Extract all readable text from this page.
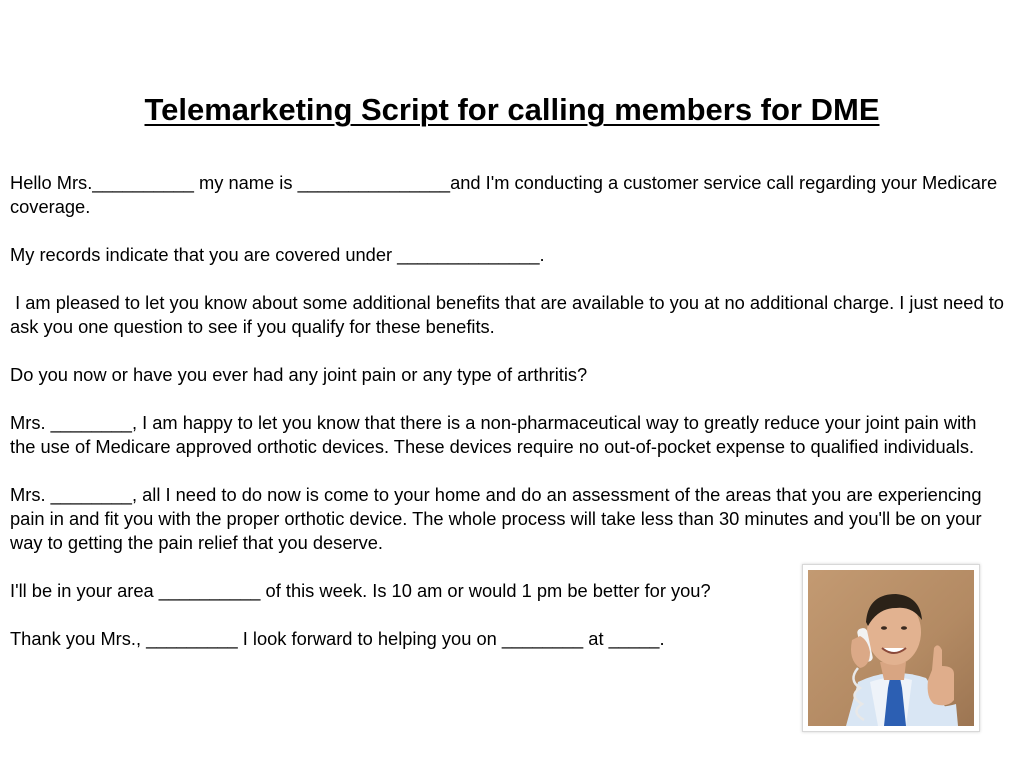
Telemarketing Script for calling members for DME

Hello Mrs.__________ my name is _______________and I'm conducting a customer service call regarding your Medicare coverage.

My records indicate that you are covered under ______________.

I am pleased to let you know about some additional benefits that are available to you at no additional charge. I just need to ask you one question to see if you qualify for these benefits.

Do you now or have you ever had any joint pain or any type of arthritis?

Mrs. ________, I am happy to let you know that there is a non-pharmaceutical way to greatly reduce your joint pain with the use of Medicare approved orthotic devices. These devices require no out-of-pocket expense to qualified individuals.

Mrs. ________, all I need to do now is come to your home and do an assessment of the areas that you are experiencing pain in and fit you with the proper orthotic device. The whole process will take less than 30 minutes and you'll be on your way to getting the pain relief that you deserve.

I'll be in your area __________ of this week. Is 10 am or would 1 pm be better for you?

Thank you Mrs., _________ I look forward to helping you on ________ at _____.
